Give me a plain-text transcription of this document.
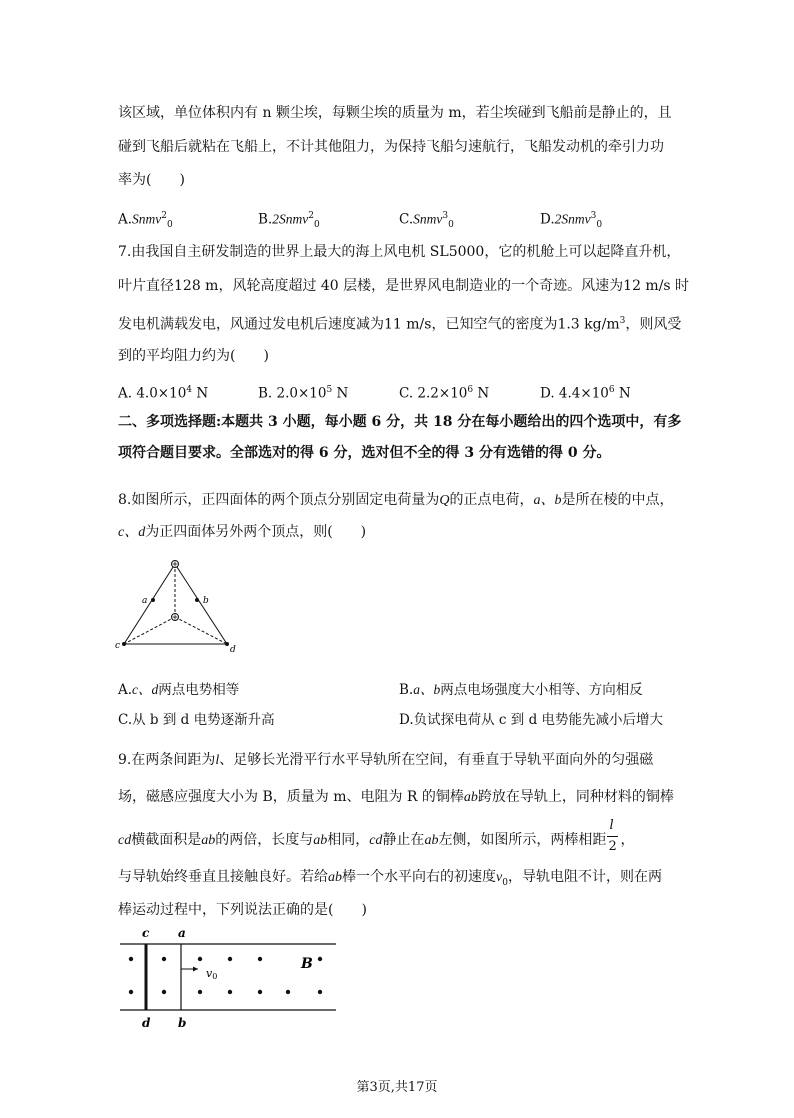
该区域，单位体积内有 n 颗尘埃，每颗尘埃的质量为 m，若尘埃碰到飞船前是静止的，且
碰到飞船后就粘在飞船上，不计其他阻力，为保持飞船匀速航行，飞船发动机的牵引力功
率为(　　)
A.Snmv$^2_0$	B.2Snmv$^2_0$	C.Snmv$^3_0$	D.2Snmv$^3_0$
7.由我国自主研发制造的世界上最大的海上风电机 SL5000，它的机舱上可以起降直升机，
叶片直径128 m，风轮高度超过 40 层楼，是世界风电制造业的一个奇迹。风速为12 m/s 时
发电机满载发电，风通过发电机后速度减为11 m/s，已知空气的密度为1.3 $kg/m^3$，则风受
到的平均阻力约为(　　)
A. $4.0\times 10^4$ N	B. $2.0\times 10^5$ N	C. $2.2\times 10^6$ N	D. $4.4\times 10^6$ N
二、多项选择题:本题共 3 小题，每小题 6 分，共 18 分在每小题给出的四个选项中，有多
项符合题目要求。全部选对的得 6 分，选对但不全的得 3 分有选错的得 0 分。
8.如图所示，正四面体的两个顶点分别固定电荷量为Q的正点电荷，a、b是所在棱的中点，
c、d为正四面体另外两个顶点，则(　　)
a	b
c	d
A.c、d两点电势相等	B.a、b两点电场强度大小相等、方向相反
C.从 b 到 d 电势逐渐升高	D.负试探电荷从 c 到 d 电势能先减小后增大
9.在两条间距为l、足够长光滑平行水平导轨所在空间，有垂直于导轨平面向外的匀强磁
场，磁感应强度大小为 B，质量为 m、电阻为 R 的铜棒ab跨放在导轨上，同种材料的铜棒
cd横截面积是ab的两倍，长度与ab相同，cd静止在ab左侧，如图所示，两棒相距 $\frac{l}{2}$ ，
与导轨始终垂直且接触良好。若给ab棒一个水平向右的初速度$v_0$，导轨电阻不计，则在两
棒运动过程中，下列说法正确的是(　　)
c a
d b
v0
B
第3页,共17页
